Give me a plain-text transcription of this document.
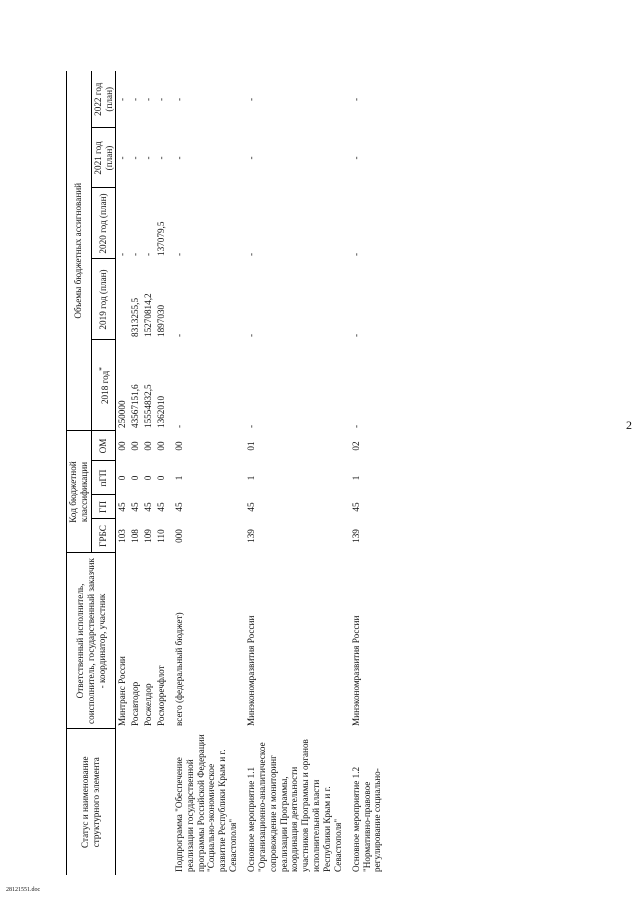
2
28121551.doc
Статус и наименование структурного элемента	Ответственный исполнитель, соисполнитель, государственный заказчик - координатор, участник	Код бюджетной классификации				Объемы бюджетных ассигнований				
		ГРБС	ГП	пГП	ОМ	2018 год*	2019 год (план)	2020 год (план)	2021 год (план)	2022 год (план)
	Минтранс России	103	45	0	00	250000		-	-	-
	Росавтодор	108	45	0	00	43567151,6	8313255,5	-	-	-
	Росжелдор	109	45	0	00	15554832,5	15270814,2	-	-	-
	Росморречфлот	110	45	0	00	1362010	1897030	137079,5	-	-
Подпрограмма "Обеспечение реализации государственной программы Российской Федерации "Социально-экономическое развитие Республики Крым и г. Севастополя"	всего (федеральный бюджет)	000	45	1	00	-	-	-	-	-
Основное мероприятие 1.1 "Организационно-аналитическое сопровождение и мониторинг реализации Программы, координация деятельности участников Программы и органов исполнительной власти Республики Крым и г. Севастополя"	Минэкономразвития России	139	45	1	01	-	-	-	-	-
Основное мероприятие 1.2 "Нормативно-правовое регулирование социально-	Минэкономразвития России	139	45	1	02	-	-	-	-	-
